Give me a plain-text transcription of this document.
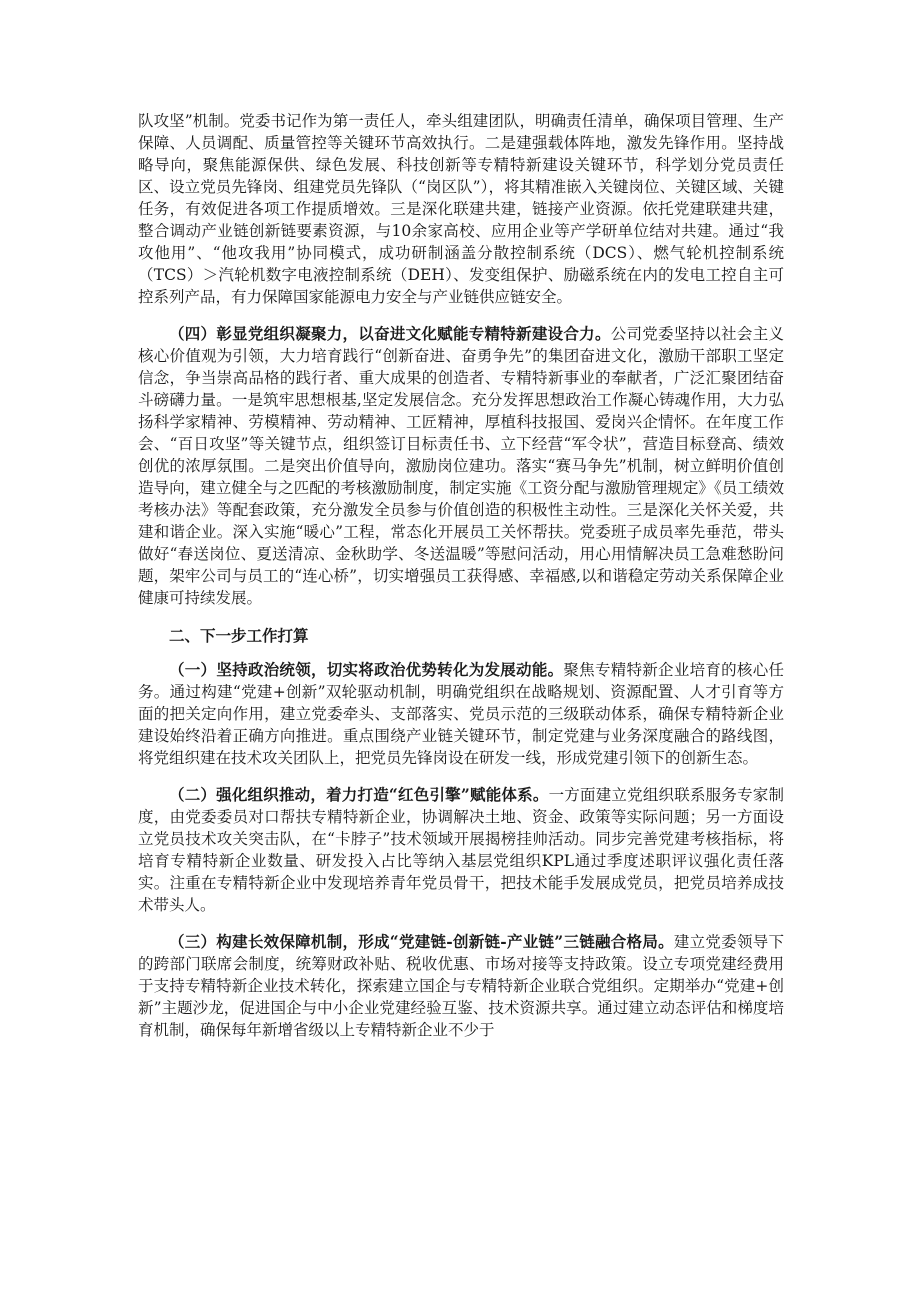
队攻坚”机制。党委书记作为第一责任人，牵头组建团队，明确责任清单，确保项目管理、生产保障、人员调配、质量管控等关键环节高效执行。二是建强载体阵地，激发先锋作用。坚持战略导向，聚焦能源保供、绿色发展、科技创新等专精特新建设关键环节，科学划分党员责任区、设立党员先锋岗、组建党员先锋队（“岗区队”），将其精准嵌入关键岗位、关键区域、关键任务，有效促进各项工作提质增效。三是深化联建共建，链接产业资源。依托党建联建共建，整合调动产业链创新链要素资源，与10余家高校、应用企业等产学研单位结对共建。通过“我攻他用”、“他攻我用”协同模式，成功研制涵盖分散控制系统（DCS）、燃气轮机控制系统（TCS）＞汽轮机数字电液控制系统（DEH）、发变组保护、励磁系统在内的发电工控自主可控系列产品，有力保障国家能源电力安全与产业链供应链安全。

（四）彰显党组织凝聚力，以奋进文化赋能专精特新建设合力。公司党委坚持以社会主义核心价值观为引领，大力培育践行“创新奋进、奋勇争先”的集团奋进文化，激励干部职工坚定信念，争当崇高品格的践行者、重大成果的创造者、专精特新事业的奉献者，广泛汇聚团结奋斗磅礴力量。一是筑牢思想根基,坚定发展信念。充分发挥思想政治工作凝心铸魂作用，大力弘扬科学家精神、劳模精神、劳动精神、工匠精神，厚植科技报国、爱岗兴企情怀。在年度工作会、“百日攻坚”等关键节点，组织签订目标责任书、立下经营“军令状”，营造目标登高、绩效创优的浓厚氛围。二是突出价值导向，激励岗位建功。落实“赛马争先”机制，树立鲜明价值创造导向，建立健全与之匹配的考核激励制度，制定实施《工资分配与激励管理规定》《员工绩效考核办法》等配套政策，充分激发全员参与价值创造的积极性主动性。三是深化关怀关爱，共建和谐企业。深入实施“暖心”工程，常态化开展员工关怀帮扶。党委班子成员率先垂范，带头做好“春送岗位、夏送清凉、金秋助学、冬送温暖”等慰问活动，用心用情解决员工急难愁盼问题，架牢公司与员工的“连心桥”，切实增强员工获得感、幸福感,以和谐稳定劳动关系保障企业健康可持续发展。

二、下一步工作打算

（一）坚持政治统领，切实将政治优势转化为发展动能。聚焦专精特新企业培育的核心任务。通过构建“党建+创新”双轮驱动机制，明确党组织在战略规划、资源配置、人才引育等方面的把关定向作用，建立党委牵头、支部落实、党员示范的三级联动体系，确保专精特新企业建设始终沿着正确方向推进。重点围绕产业链关键环节，制定党建与业务深度融合的路线图，将党组织建在技术攻关团队上，把党员先锋岗设在研发一线，形成党建引领下的创新生态。

（二）强化组织推动，着力打造“红色引擎”赋能体系。一方面建立党组织联系服务专家制度，由党委委员对口帮扶专精特新企业，协调解决土地、资金、政策等实际问题；另一方面设立党员技术攻关突击队，在“卡脖子”技术领域开展揭榜挂帅活动。同步完善党建考核指标，将培育专精特新企业数量、研发投入占比等纳入基层党组织KPL通过季度述职评议强化责任落实。注重在专精特新企业中发现培养青年党员骨干，把技术能手发展成党员，把党员培养成技术带头人。

（三）构建长效保障机制，形成“党建链-创新链-产业链”三链融合格局。建立党委领导下的跨部门联席会制度，统筹财政补贴、税收优惠、市场对接等支持政策。设立专项党建经费用于支持专精特新企业技术转化，探索建立国企与专精特新企业联合党组织。定期举办“党建+创新”主题沙龙，促进国企与中小企业党建经验互鉴、技术资源共享。通过建立动态评估和梯度培育机制，确保每年新增省级以上专精特新企业不少于
